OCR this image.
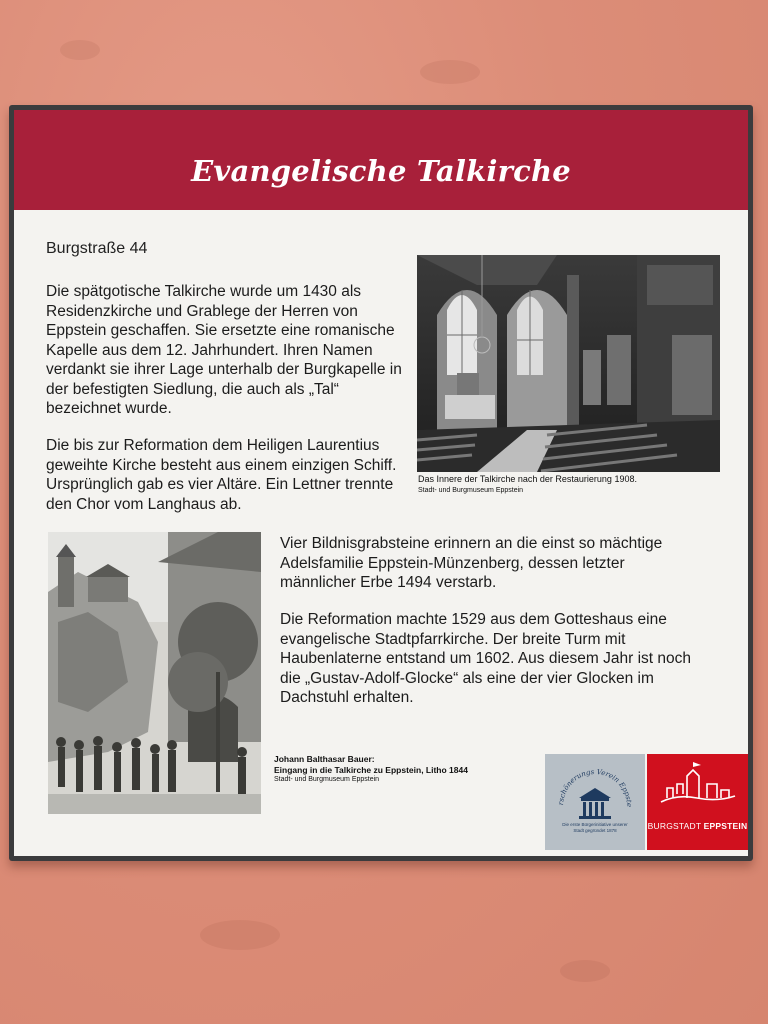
Evangelische Talkirche
Burgstraße 44
Die spätgotische Talkirche wurde um 1430 als Residenzkirche und Grablege der Herren von Eppstein geschaffen. Sie ersetzte eine romanische Kapelle aus dem 12. Jahrhundert. Ihren Namen verdankt sie ihrer Lage unterhalb der Burgkapelle in der befestigten Siedlung, die auch als „Tal“ bezeichnet wurde.
Die bis zur Reformation dem Heiligen Laurentius geweihte Kirche besteht aus einem einzigen Schiff. Ursprünglich gab es vier Altäre. Ein Lettner trennte den Chor vom Langhaus ab.
Das Innere der Talkirche nach der Restaurierung 1908.
Stadt- und Burgmuseum Eppstein
Vier Bildnisgrabsteine erinnern an die einst so mächtige Adelsfamilie Eppstein-Münzenberg, dessen letzter männlicher Erbe 1494 verstarb.
Die Reformation machte 1529 aus dem Gotteshaus eine evangelische Stadtpfarrkirche. Der breite Turm mit Haubenlaterne entstand um 1602. Aus diesem Jahr ist noch die „Gustav-Adolf-Glocke“ als eine der vier Glocken im Dachstuhl erhalten.
Johann Balthasar Bauer:
Eingang in die Talkirche zu Eppstein, Litho 1844
Stadt- und Burgmuseum Eppstein
rschönerungs Verein Eppste
Die erste Bürgerinitiative unserer Stadt gegründet 1878	BURGSTADT EPPSTEIN
